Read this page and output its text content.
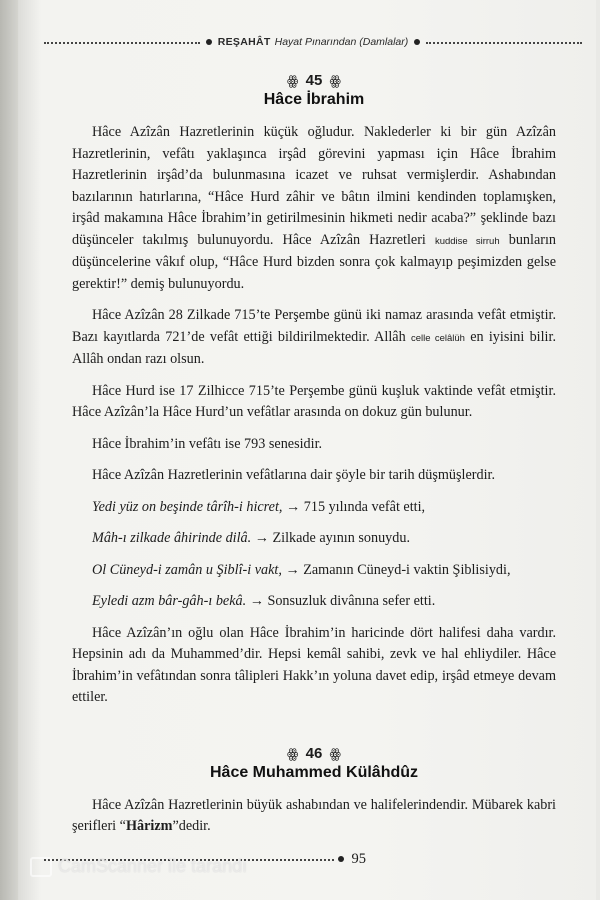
REŞAHÂT Hayat Pınarından (Damlalar)
ꙮ 45 ꙮ
Hâce İbrahim

Hâce Azîzân Hazretlerinin küçük oğludur. Naklederler ki bir gün Azîzân Hazretlerinin, vefâtı yaklaşınca irşâd görevini yapması için Hâce İbrahim Hazretlerinin irşâd’da bulunmasına icazet ve ruhsat vermişlerdir. Ashabından bazılarının hatırlarına, “Hâce Hurd zâhir ve bâtın ilmini kendinden toplamışken, irşâd makamına Hâce İbrahim’in getirilmesinin hikmeti nedir acaba?” şeklinde bazı düşünceler takılmış bulunuyordu. Hâce Azîzân Hazretleri kuddise sirruh bunların düşüncelerine vâkıf olup, “Hâce Hurd bizden sonra çok kalmayıp peşimizden gelse gerektir!” demiş bulunuyordu.

Hâce Azîzân 28 Zilkade 715’te Perşembe günü iki namaz arasında vefât etmiştir. Bazı kayıtlarda 721’de vefât ettiği bildirilmektedir. Allâh celle celâlüh en iyisini bilir. Allâh ondan razı olsun.

Hâce Hurd ise 17 Zilhicce 715’te Perşembe günü kuşluk vaktinde vefât etmiştir. Hâce Azîzân’la Hâce Hurd’un vefâtlar arasında on dokuz gün bulunur.

Hâce İbrahim’in vefâtı ise 793 senesidir.

Hâce Azîzân Hazretlerinin vefâtlarına dair şöyle bir tarih düşmüşlerdir.

Yedi yüz on beşinde târîh-i hicret, → 715 yılında vefât etti,

Mâh-ı zilkade âhirinde dilâ. → Zilkade ayının sonuydu.

Ol Cüneyd-i zamân u Şiblî-i vakt, → Zamanın Cüneyd-i vaktin Şiblisiydi,

Eyledi azm bâr-gâh-ı bekâ. → Sonsuzluk divânına sefer etti.

Hâce Azîzân’ın oğlu olan Hâce İbrahim’in haricinde dört halifesi daha vardır. Hepsinin adı da Muhammed’dir. Hepsi kemâl sahibi, zevk ve hal ehliydiler. Hâce İbrahim’in vefâtından sonra tâlipleri Hakk’ın yoluna davet edip, irşâd etmeye devam ettiler.

ꙮ 46 ꙮ
Hâce Muhammed Külâhdûz

Hâce Azîzân Hazretlerinin büyük ashabından ve halifelerindendir. Mübarek kabri şerifleri “Hârizm”dedir.

95
CamScanner ile tarandı
